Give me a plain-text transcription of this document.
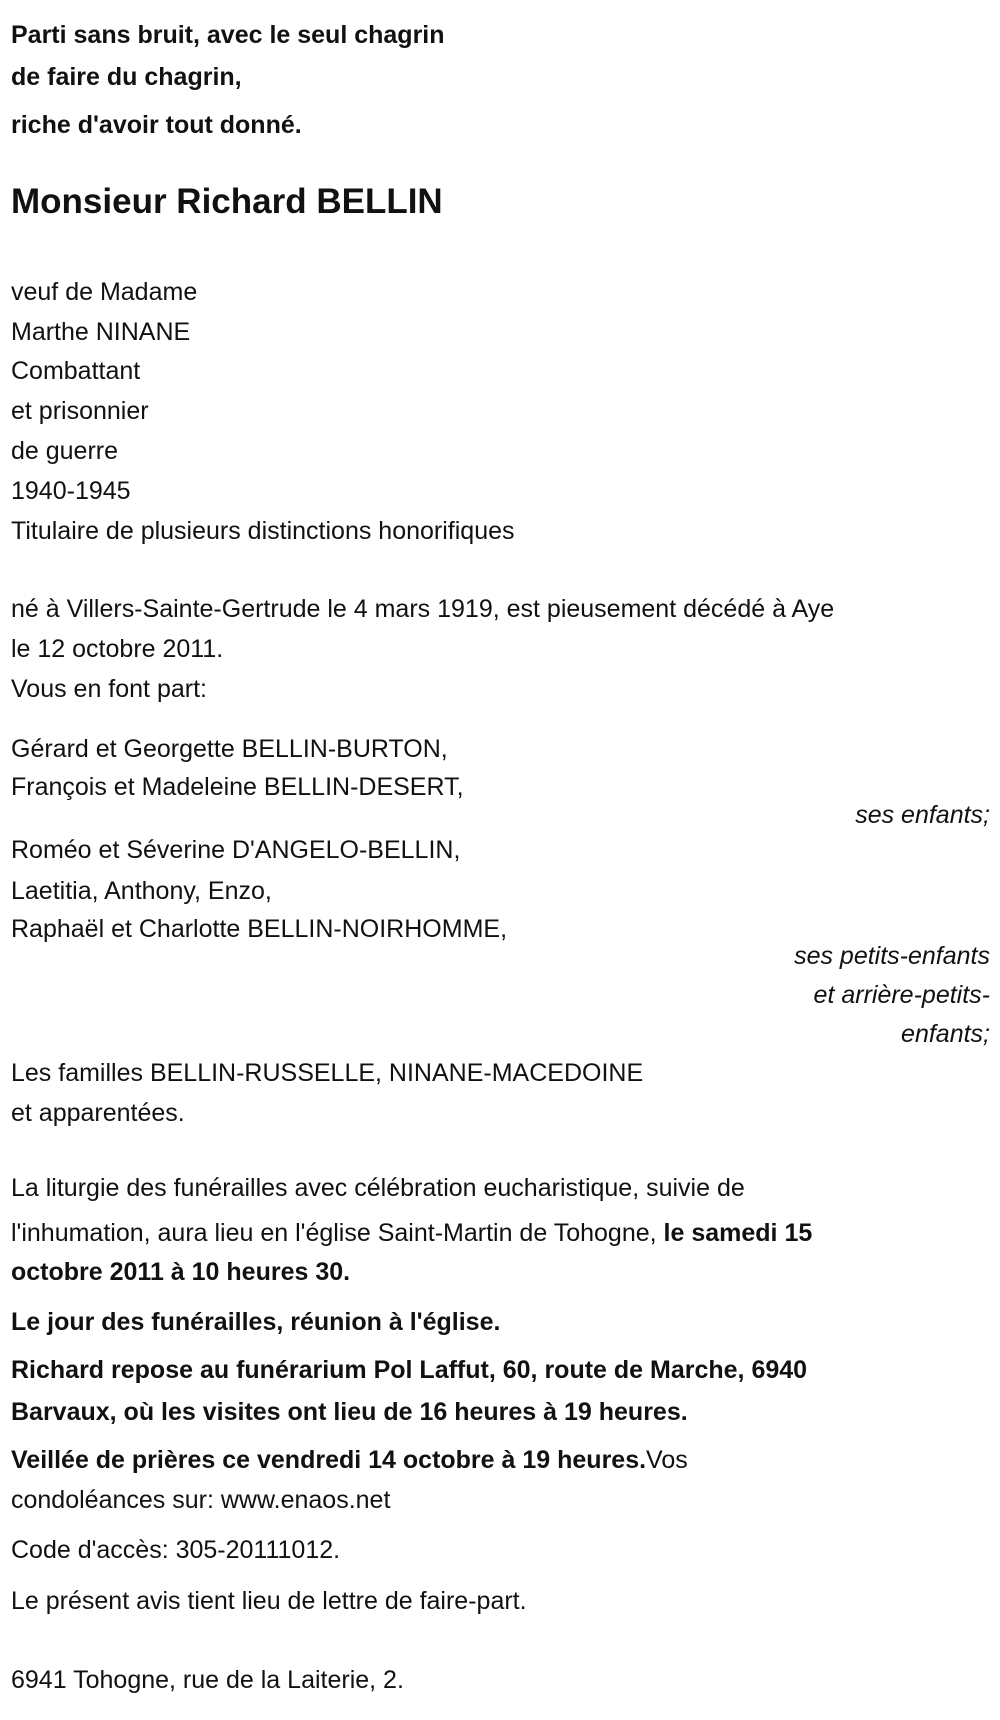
Parti sans bruit, avec le seul chagrin
de faire du chagrin,
riche d'avoir tout donné.
Monsieur Richard BELLIN
veuf de Madame
Marthe NINANE
Combattant
et prisonnier
de guerre
1940-1945
Titulaire de plusieurs distinctions honorifiques
né à Villers-Sainte-Gertrude le 4 mars 1919, est pieusement décédé à Aye
le 12 octobre 2011.
Vous en font part:
Gérard et Georgette BELLIN-BURTON,
François et Madeleine BELLIN-DESERT,
ses enfants;
Roméo et Séverine D'ANGELO-BELLIN,
Laetitia, Anthony, Enzo,
Raphaël et Charlotte BELLIN-NOIRHOMME,
ses petits-enfants
et arrière-petits-
enfants;
Les familles BELLIN-RUSSELLE, NINANE-MACEDOINE
et apparentées.
La liturgie des funérailles avec célébration eucharistique, suivie de
l'inhumation, aura lieu en l'église Saint-Martin de Tohogne, le samedi 15
octobre 2011 à 10 heures 30.
Le jour des funérailles, réunion à l'église.
Richard repose au funérarium Pol Laffut, 60, route de Marche, 6940
Barvaux, où les visites ont lieu de 16 heures à 19 heures.
Veillée de prières ce vendredi 14 octobre à 19 heures.Vos
condoléances sur: www.enaos.net
Code d'accès: 305-20111012.
Le présent avis tient lieu de lettre de faire-part.
6941 Tohogne, rue de la Laiterie, 2.
